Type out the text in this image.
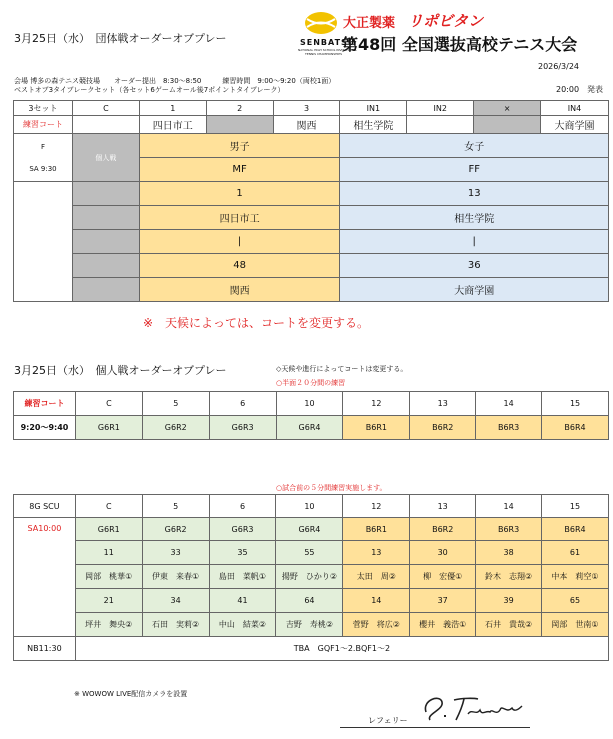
3月25日（水）　団体戦オーダーオブプレー	SENBATSU
NATIONAL HIGH SCHOOL INVITATIONAL
TENNIS CHAMPIONSHIPS
大正製薬 リポビタン
第48回 全国選抜高校テニス大会
2026/3/24
会場 博多の森テニス競技場　　オーダー提出　8:30～8:50　　　練習時間　9:00～9:20（両校1面）
ベストオブ3タイブレークセット（各セット6ゲームオール後7ポイントタイブレーク）	20:00　発表
3セット	C	1	2	3	IN1	IN2	×	IN4
練習コート		四日市工		関西	相生学院			大商学園

F
SA 9:30	個人戦	男子			女子			
		MF			FF			
		1			13			
		四日市工			相生学院			
		|			|			
		48			36			
		関西			大商学園			
※　天候によっては、コートを変更する。
3月25日（水）　個人戦オーダーオブプレー	◇天候や進行によってコートは変更する。
○半面２０分間の練習
練習コート	C	5	6	10	12	13	14	15
9:20～9:40	G6R1	G6R2	G6R3	G6R4	B6R1	B6R2	B6R3	B6R4
○試合前の５分間練習実施します。
8G SCU	C	5	6	10	12	13	14	15
SA10:00	G6R1	G6R2	G6R3	G6R4	B6R1	B6R2	B6R3	B6R4
	11	33	35	55	13	30	38	61
	岡部　桃華①	伊東　来春①	島田　菜帆①	揚野　ひかり②	太田　周②	柳　宏優①	鈴木　志翔②	中本　莉空①
	21	34	41	64	14	37	39	65
	坪井　舞央②	石田　実莉②	中山　結菜②	吉野　寿桃②	菅野　将広②	櫻井　義浩①	石井　貴哉②	岡部　世南①
NB11:30	TBA　GQF1～2.BQF1～2							
※ WOWOW LIVE配信カメラを設置
レフェリー
